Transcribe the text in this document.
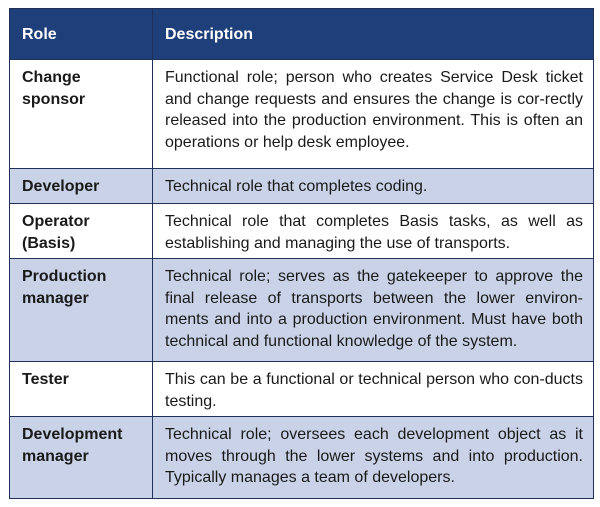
Role	Description
Change sponsor	Functional role; person who creates Service Desk ticket and change requests and ensures the change is cor-rectly released into the production environment. This is often an operations or help desk employee.
Developer	Technical role that completes coding.
Operator (Basis)	Technical role that completes Basis tasks, as well as establishing and managing the use of transports.
Production manager	Technical role; serves as the gatekeeper to approve the final release of transports between the lower environ-ments and into a production environment. Must have both technical and functional knowledge of the system.
Tester	This can be a functional or technical person who con-ducts testing.
Development manager	Technical role; oversees each development object as it moves through the lower systems and into production. Typically manages a team of developers.
